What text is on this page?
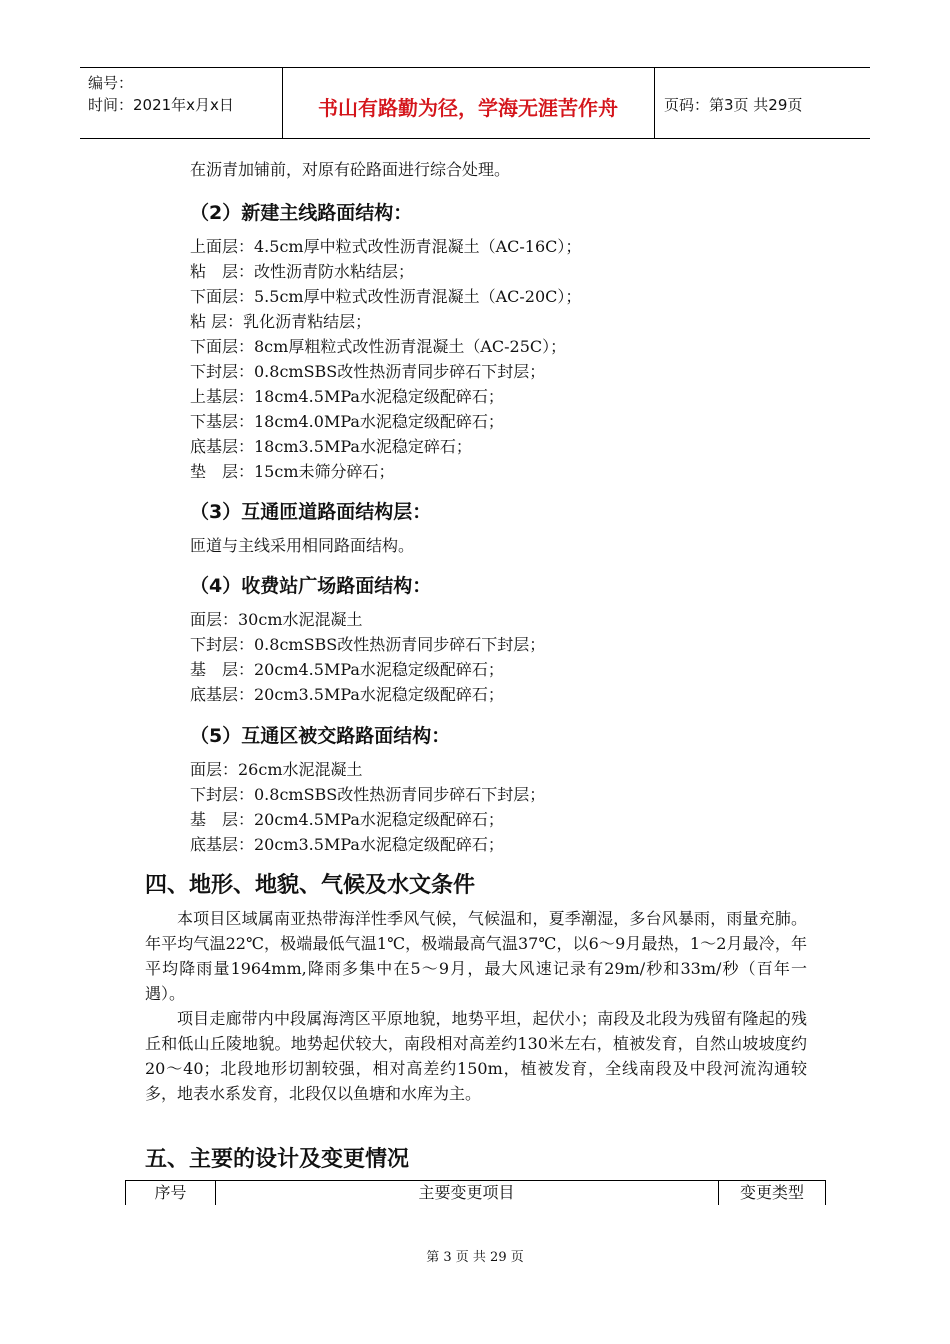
编号：
时间：2021年x月x日	书山有路勤为径，学海无涯苦作舟	页码：第3页 共29页
在沥青加铺前，对原有砼路面进行综合处理。
（2）新建主线路面结构：
上面层：4.5cm厚中粒式改性沥青混凝土（AC-16C）；
粘　层：改性沥青防水粘结层；
下面层：5.5cm厚中粒式改性沥青混凝土（AC-20C）；
粘 层：乳化沥青粘结层；
下面层：8cm厚粗粒式改性沥青混凝土（AC-25C）；
下封层：0.8cmSBS改性热沥青同步碎石下封层；
上基层：18cm4.5MPa水泥稳定级配碎石；
下基层：18cm4.0MPa水泥稳定级配碎石；
底基层：18cm3.5MPa水泥稳定碎石；
垫　层：15cm未筛分碎石；
（3）互通匝道路面结构层：
匝道与主线采用相同路面结构。
（4）收费站广场路面结构：
面层：30cm水泥混凝土
下封层：0.8cmSBS改性热沥青同步碎石下封层；
基　层：20cm4.5MPa水泥稳定级配碎石；
底基层：20cm3.5MPa水泥稳定级配碎石；
（5）互通区被交路路面结构：
面层：26cm水泥混凝土
下封层：0.8cmSBS改性热沥青同步碎石下封层；
基　层：20cm4.5MPa水泥稳定级配碎石；
底基层：20cm3.5MPa水泥稳定级配碎石；
四、地形、地貌、气候及水文条件
本项目区域属南亚热带海洋性季风气候，气候温和，夏季潮湿，多台风暴雨，雨量充肺。年平均气温22℃，极端最低气温1℃，极端最高气温37℃，以6～9月最热，1～2月最冷，年平均降雨量1964mm,降雨多集中在5～9月，最大风速记录有29m/秒和33m/秒（百年一遇）。
项目走廊带内中段属海湾区平原地貌，地势平坦，起伏小；南段及北段为残留有隆起的残丘和低山丘陵地貌。地势起伏较大，南段相对高差约130米左右，植被发育，自然山坡坡度约20～40；北段地形切割较强，相对高差约150m，植被发育，全线南段及中段河流沟通较多，地表水系发育，北段仅以鱼塘和水库为主。
五、主要的设计及变更情况
序号	主要变更项目	变更类型
第 3 页 共 29 页
